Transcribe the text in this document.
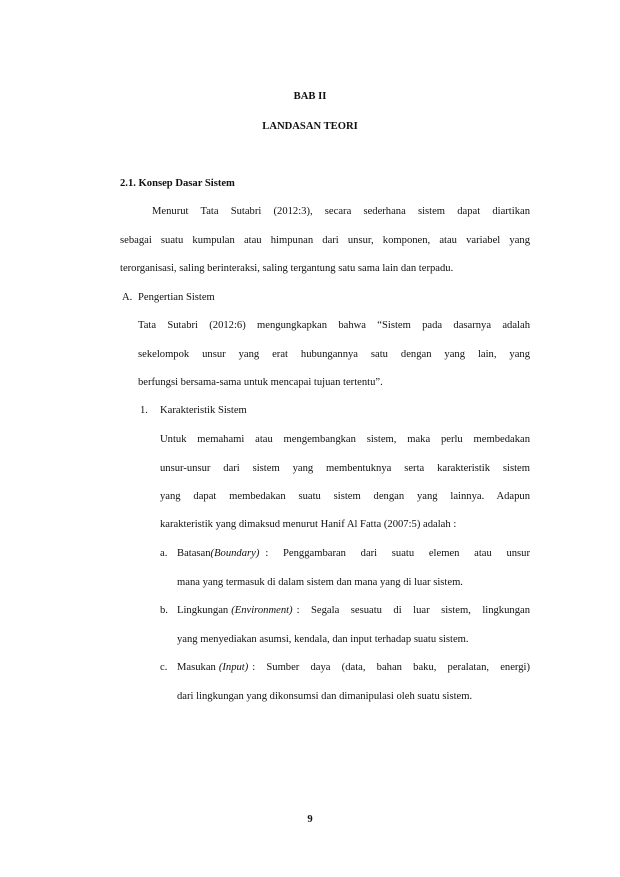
BAB II
LANDASAN TEORI
2.1. Konsep Dasar Sistem
Menurut Tata Sutabri (2012:3), secara sederhana sistem dapat diartikan
sebagai suatu kumpulan atau himpunan dari unsur, komponen, atau variabel yang
terorganisasi, saling berinteraksi, saling tergantung satu sama lain dan terpadu.
A. Pengertian Sistem
Tata Sutabri (2012:6) mengungkapkan bahwa “Sistem pada dasarnya adalah
sekelompok unsur yang erat hubungannya satu dengan yang lain, yang
berfungsi bersama-sama untuk mencapai tujuan tertentu”.
1. Karakteristik Sistem
Untuk memahami atau mengembangkan sistem, maka perlu membedakan
unsur-unsur dari sistem yang membentuknya serta karakteristik sistem
yang dapat membedakan suatu sistem dengan yang lainnya. Adapun
karakteristik yang dimaksud menurut Hanif Al Fatta (2007:5) adalah :
a. Batasan (Boundary) : Penggambaran dari suatu elemen atau unsur
mana yang termasuk di dalam sistem dan mana yang di luar sistem.
b. Lingkungan (Environment) : Segala sesuatu di luar sistem, lingkungan
yang menyediakan asumsi, kendala, dan input terhadap suatu sistem.
c. Masukan (Input) : Sumber daya (data, bahan baku, peralatan, energi)
dari lingkungan yang dikonsumsi dan dimanipulasi oleh suatu sistem.
9
